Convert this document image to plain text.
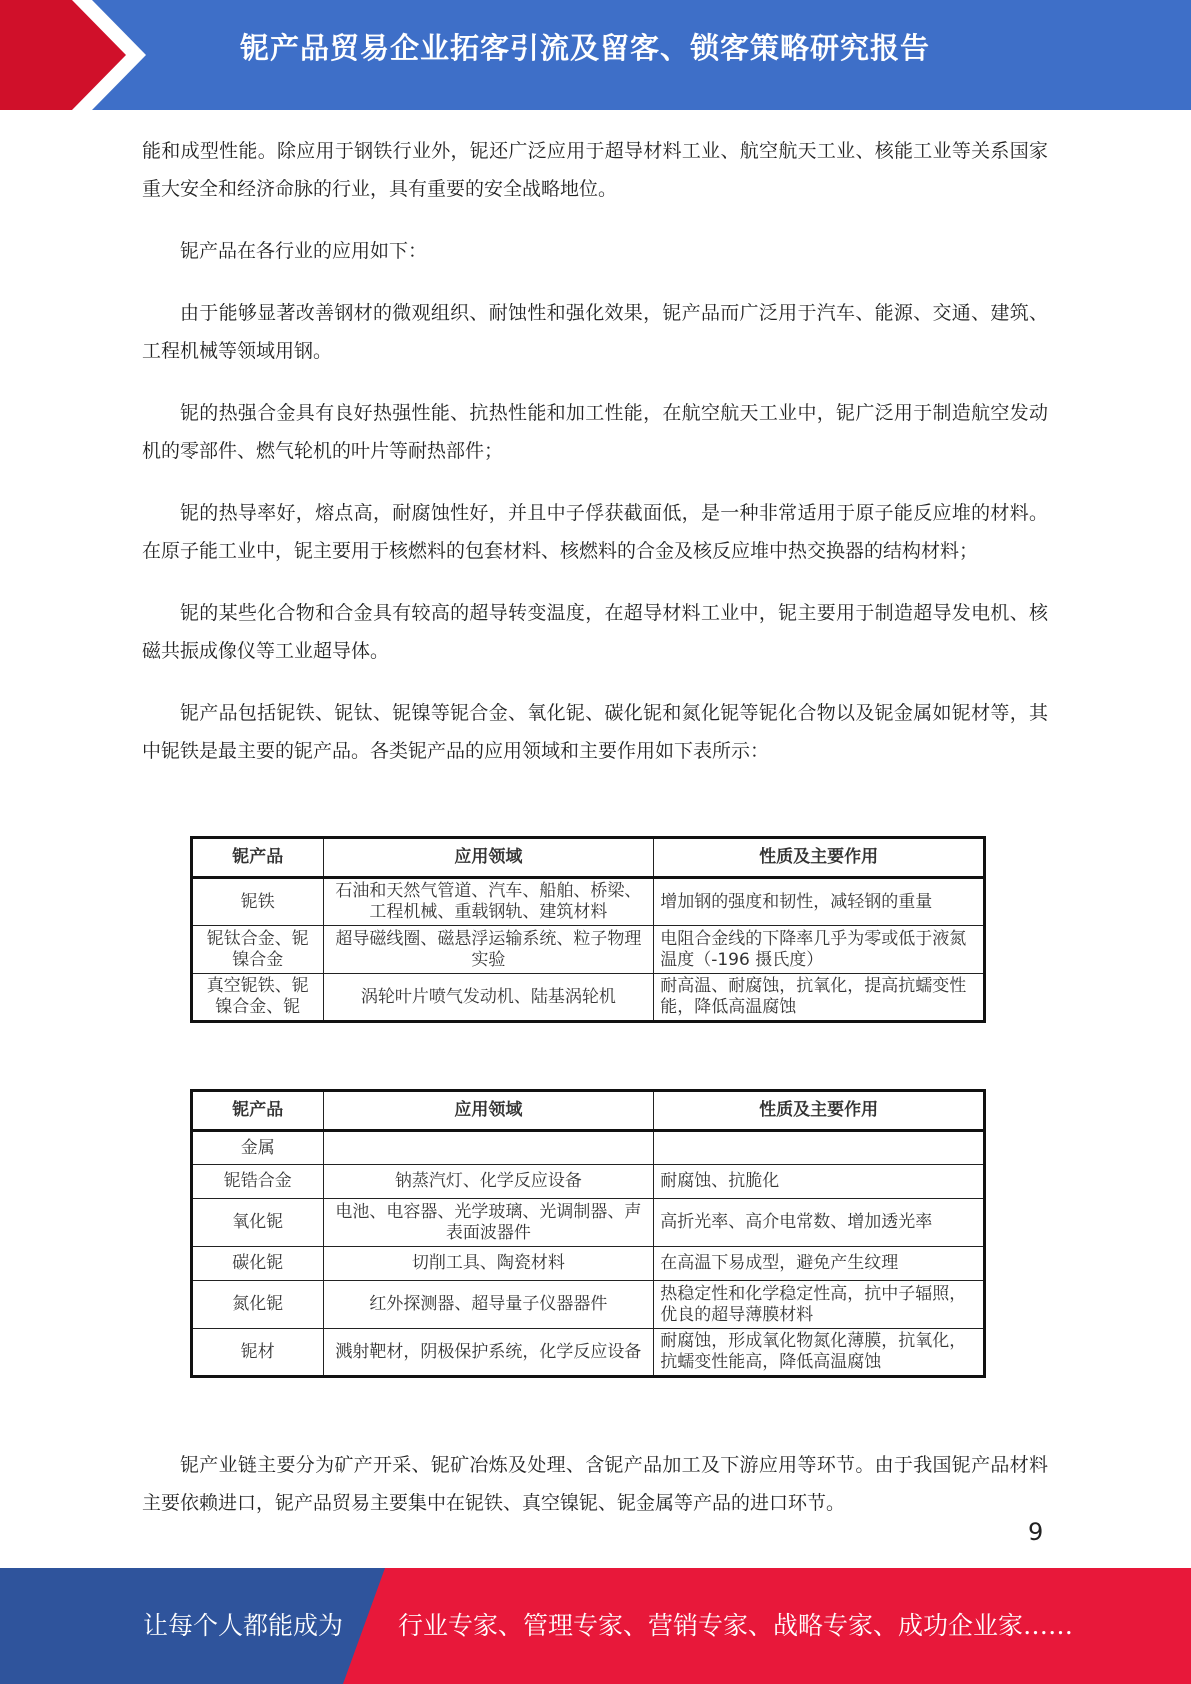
铌产品贸易企业拓客引流及留客、锁客策略研究报告

能和成型性能。除应用于钢铁行业外，铌还广泛应用于超导材料工业、航空航天工业、核能工业等关系国家重大安全和经济命脉的行业，具有重要的安全战略地位。

铌产品在各行业的应用如下：

由于能够显著改善钢材的微观组织、耐蚀性和强化效果，铌产品而广泛用于汽车、能源、交通、建筑、工程机械等领域用钢。

铌的热强合金具有良好热强性能、抗热性能和加工性能，在航空航天工业中，铌广泛用于制造航空发动机的零部件、燃气轮机的叶片等耐热部件；

铌的热导率好，熔点高，耐腐蚀性好，并且中子俘获截面低，是一种非常适用于原子能反应堆的材料。在原子能工业中，铌主要用于核燃料的包套材料、核燃料的合金及核反应堆中热交换器的结构材料；

铌的某些化合物和合金具有较高的超导转变温度，在超导材料工业中，铌主要用于制造超导发电机、核磁共振成像仪等工业超导体。

铌产品包括铌铁、铌钛、铌镍等铌合金、氧化铌、碳化铌和氮化铌等铌化合物以及铌金属如铌材等，其中铌铁是最主要的铌产品。各类铌产品的应用领域和主要作用如下表所示：

铌产品	应用领域	性质及主要作用
铌铁	石油和天然气管道、汽车、船舶、桥梁、工程机械、重载钢轨、建筑材料	增加钢的强度和韧性，减轻钢的重量
铌钛合金、铌镍合金	超导磁线圈、磁悬浮运输系统、粒子物理实验	电阻合金线的下降率几乎为零或低于液氮温度（-196 摄氏度）
真空铌铁、铌镍合金、铌	涡轮叶片喷气发动机、陆基涡轮机	耐高温、耐腐蚀，抗氧化，提高抗蠕变性能，降低高温腐蚀
铌产品	应用领域	性质及主要作用
金属		
铌锆合金	钠蒸汽灯、化学反应设备	耐腐蚀、抗脆化
氧化铌	电池、电容器、光学玻璃、光调制器、声表面波器件	高折光率、高介电常数、增加透光率
碳化铌	切削工具、陶瓷材料	在高温下易成型，避免产生纹理
氮化铌	红外探测器、超导量子仪器器件	热稳定性和化学稳定性高，抗中子辐照，优良的超导薄膜材料
铌材	溅射靶材，阴极保护系统，化学反应设备	耐腐蚀，形成氧化物氮化薄膜，抗氧化，抗蠕变性能高，降低高温腐蚀

铌产业链主要分为矿产开采、铌矿冶炼及处理、含铌产品加工及下游应用等环节。由于我国铌产品材料主要依赖进口，铌产品贸易主要集中在铌铁、真空镍铌、铌金属等产品的进口环节。

9
让每个人都能成为 行业专家、管理专家、营销专家、战略专家、成功企业家……
